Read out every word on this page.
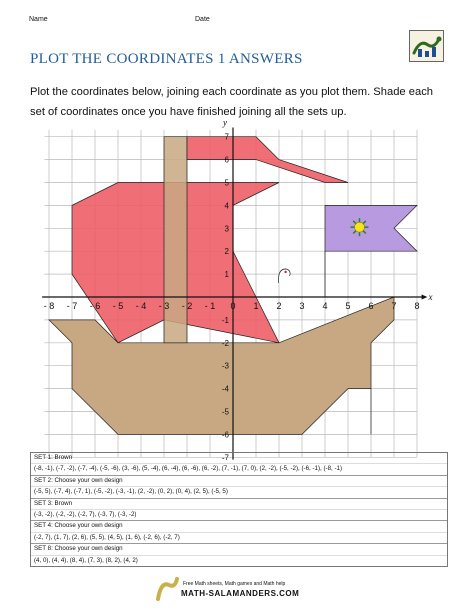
Name	Date
PLOT THE COORDINATES 1 ANSWERS
Plot the coordinates below, joining each coordinate as you plot them. Shade each set of coordinates once you have finished joining all the sets up.
- 8 - 7 - 6 - 5 - 4 - 3 - 2 - 1 0 1 2 3 4 5 6 7 8
7
6
5
4
3
2
1
-1
-2
-3
-4
-5
-6
-7
x
y
SET 1: Brown
(-8, -1), (-7, -2), (-7, -4), (-5, -6), (3, -6), (5, -4), (6, -4), (6, -6), (6, -2), (7, -1), (7, 0), (2, -2), (-5, -2), (-6, -1), (-8, -1)
SET 2: Choose your own design
(-5, 5), (-7, 4), (-7, 1), (-5, -2), (-3, -1), (2, -2), (0, 2), (0, 4), (2, 5), (-5, 5)
SET 3: Brown
(-3, -2), (-2, -2), (-2, 7), (-3, 7), (-3, -2)
SET 4: Choose your own design
(-2, 7), (1, 7), (2, 6), (5, 5), (4, 5), (1, 6), (-2, 6), (-2, 7)
SET 8: Choose your own design
(4, 0), (4, 4), (8, 4), (7, 3), (8, 2), (4, 2)
Free Math sheets, Math games and Math help
MATH-SALAMANDERS.COM
